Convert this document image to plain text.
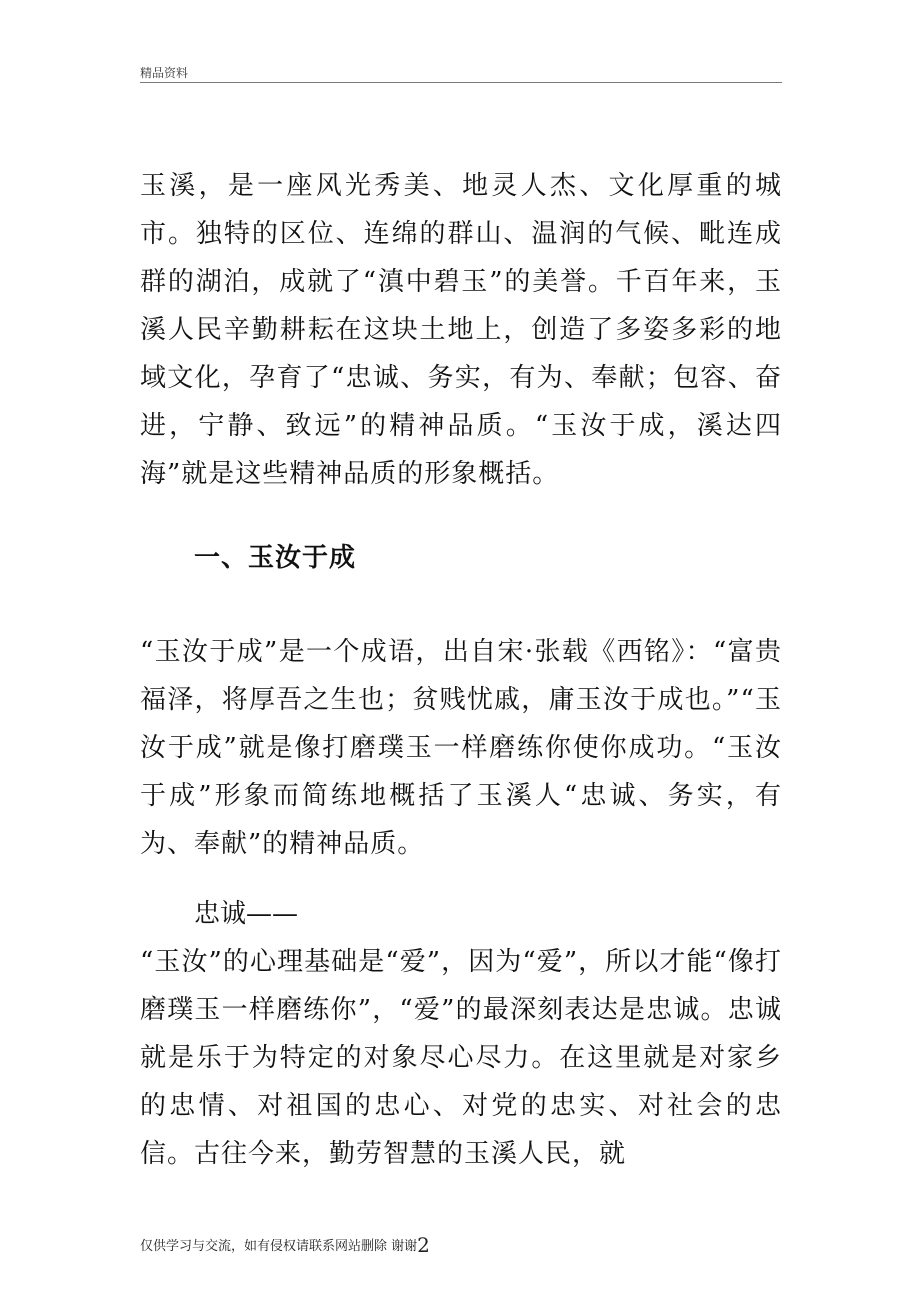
精品资料

玉溪，是一座风光秀美、地灵人杰、文化厚重的城市。独特的区位、连绵的群山、温润的气候、毗连成群的湖泊，成就了“滇中碧玉”的美誉。千百年来，玉溪人民辛勤耕耘在这块土地上，创造了多姿多彩的地域文化，孕育了“忠诚、务实，有为、奉献；包容、奋进，宁静、致远”的精神品质。“玉汝于成，溪达四海”就是这些精神品质的形象概括。

一、玉汝于成

“玉汝于成”是一个成语，出自宋·张载《西铭》：“富贵福泽，将厚吾之生也；贫贱忧戚，庸玉汝于成也。”“玉汝于成”就是像打磨璞玉一样磨练你使你成功。“玉汝于成”形象而简练地概括了玉溪人“忠诚、务实，有为、奉献”的精神品质。

忠诚——

“玉汝”的心理基础是“爱”，因为“爱”，所以才能“像打磨璞玉一样磨练你”，“爱”的最深刻表达是忠诚。忠诚就是乐于为特定的对象尽心尽力。在这里就是对家乡的忠情、对祖国的忠心、对党的忠实、对社会的忠信。古往今来，勤劳智慧的玉溪人民，就

仅供学习与交流，如有侵权请联系网站删除 谢谢2
